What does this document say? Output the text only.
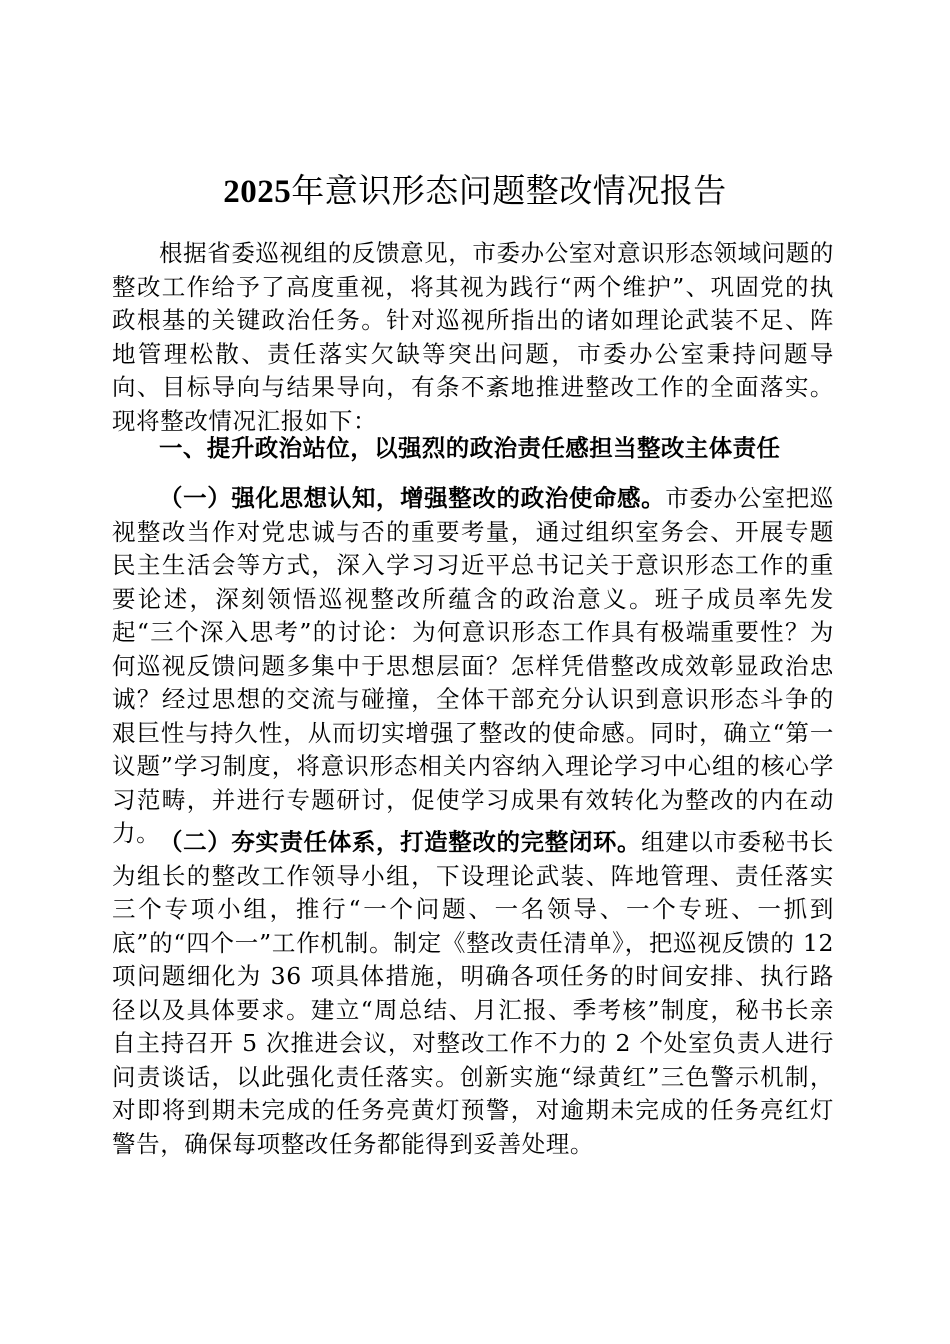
2025年意识形态问题整改情况报告

根据省委巡视组的反馈意见，市委办公室对意识形态领域问题的整改工作给予了高度重视，将其视为践行“两个维护”、巩固党的执政根基的关键政治任务。针对巡视所指出的诸如理论武装不足、阵地管理松散、责任落实欠缺等突出问题，市委办公室秉持问题导向、目标导向与结果导向，有条不紊地推进整改工作的全面落实。现将整改情况汇报如下：

一、提升政治站位，以强烈的政治责任感担当整改主体责任

（一）强化思想认知，增强整改的政治使命感。市委办公室把巡视整改当作对党忠诚与否的重要考量，通过组织室务会、开展专题民主生活会等方式，深入学习习近平总书记关于意识形态工作的重要论述，深刻领悟巡视整改所蕴含的政治意义。班子成员率先发起“三个深入思考”的讨论：为何意识形态工作具有极端重要性？为何巡视反馈问题多集中于思想层面？怎样凭借整改成效彰显政治忠诚？经过思想的交流与碰撞，全体干部充分认识到意识形态斗争的艰巨性与持久性，从而切实增强了整改的使命感。同时，确立“第一议题”学习制度，将意识形态相关内容纳入理论学习中心组的核心学习范畴，并进行专题研讨，促使学习成果有效转化为整改的内在动力。

（二）夯实责任体系，打造整改的完整闭环。组建以市委秘书长为组长的整改工作领导小组，下设理论武装、阵地管理、责任落实三个专项小组，推行“一个问题、一名领导、一个专班、一抓到底”的“四个一”工作机制。制定《整改责任清单》，把巡视反馈的 12 项问题细化为 36 项具体措施，明确各项任务的时间安排、执行路径以及具体要求。建立“周总结、月汇报、季考核”制度，秘书长亲自主持召开 5 次推进会议，对整改工作不力的 2 个处室负责人进行问责谈话，以此强化责任落实。创新实施“绿黄红”三色警示机制，对即将到期未完成的任务亮黄灯预警，对逾期未完成的任务亮红灯警告，确保每项整改任务都能得到妥善处理。
